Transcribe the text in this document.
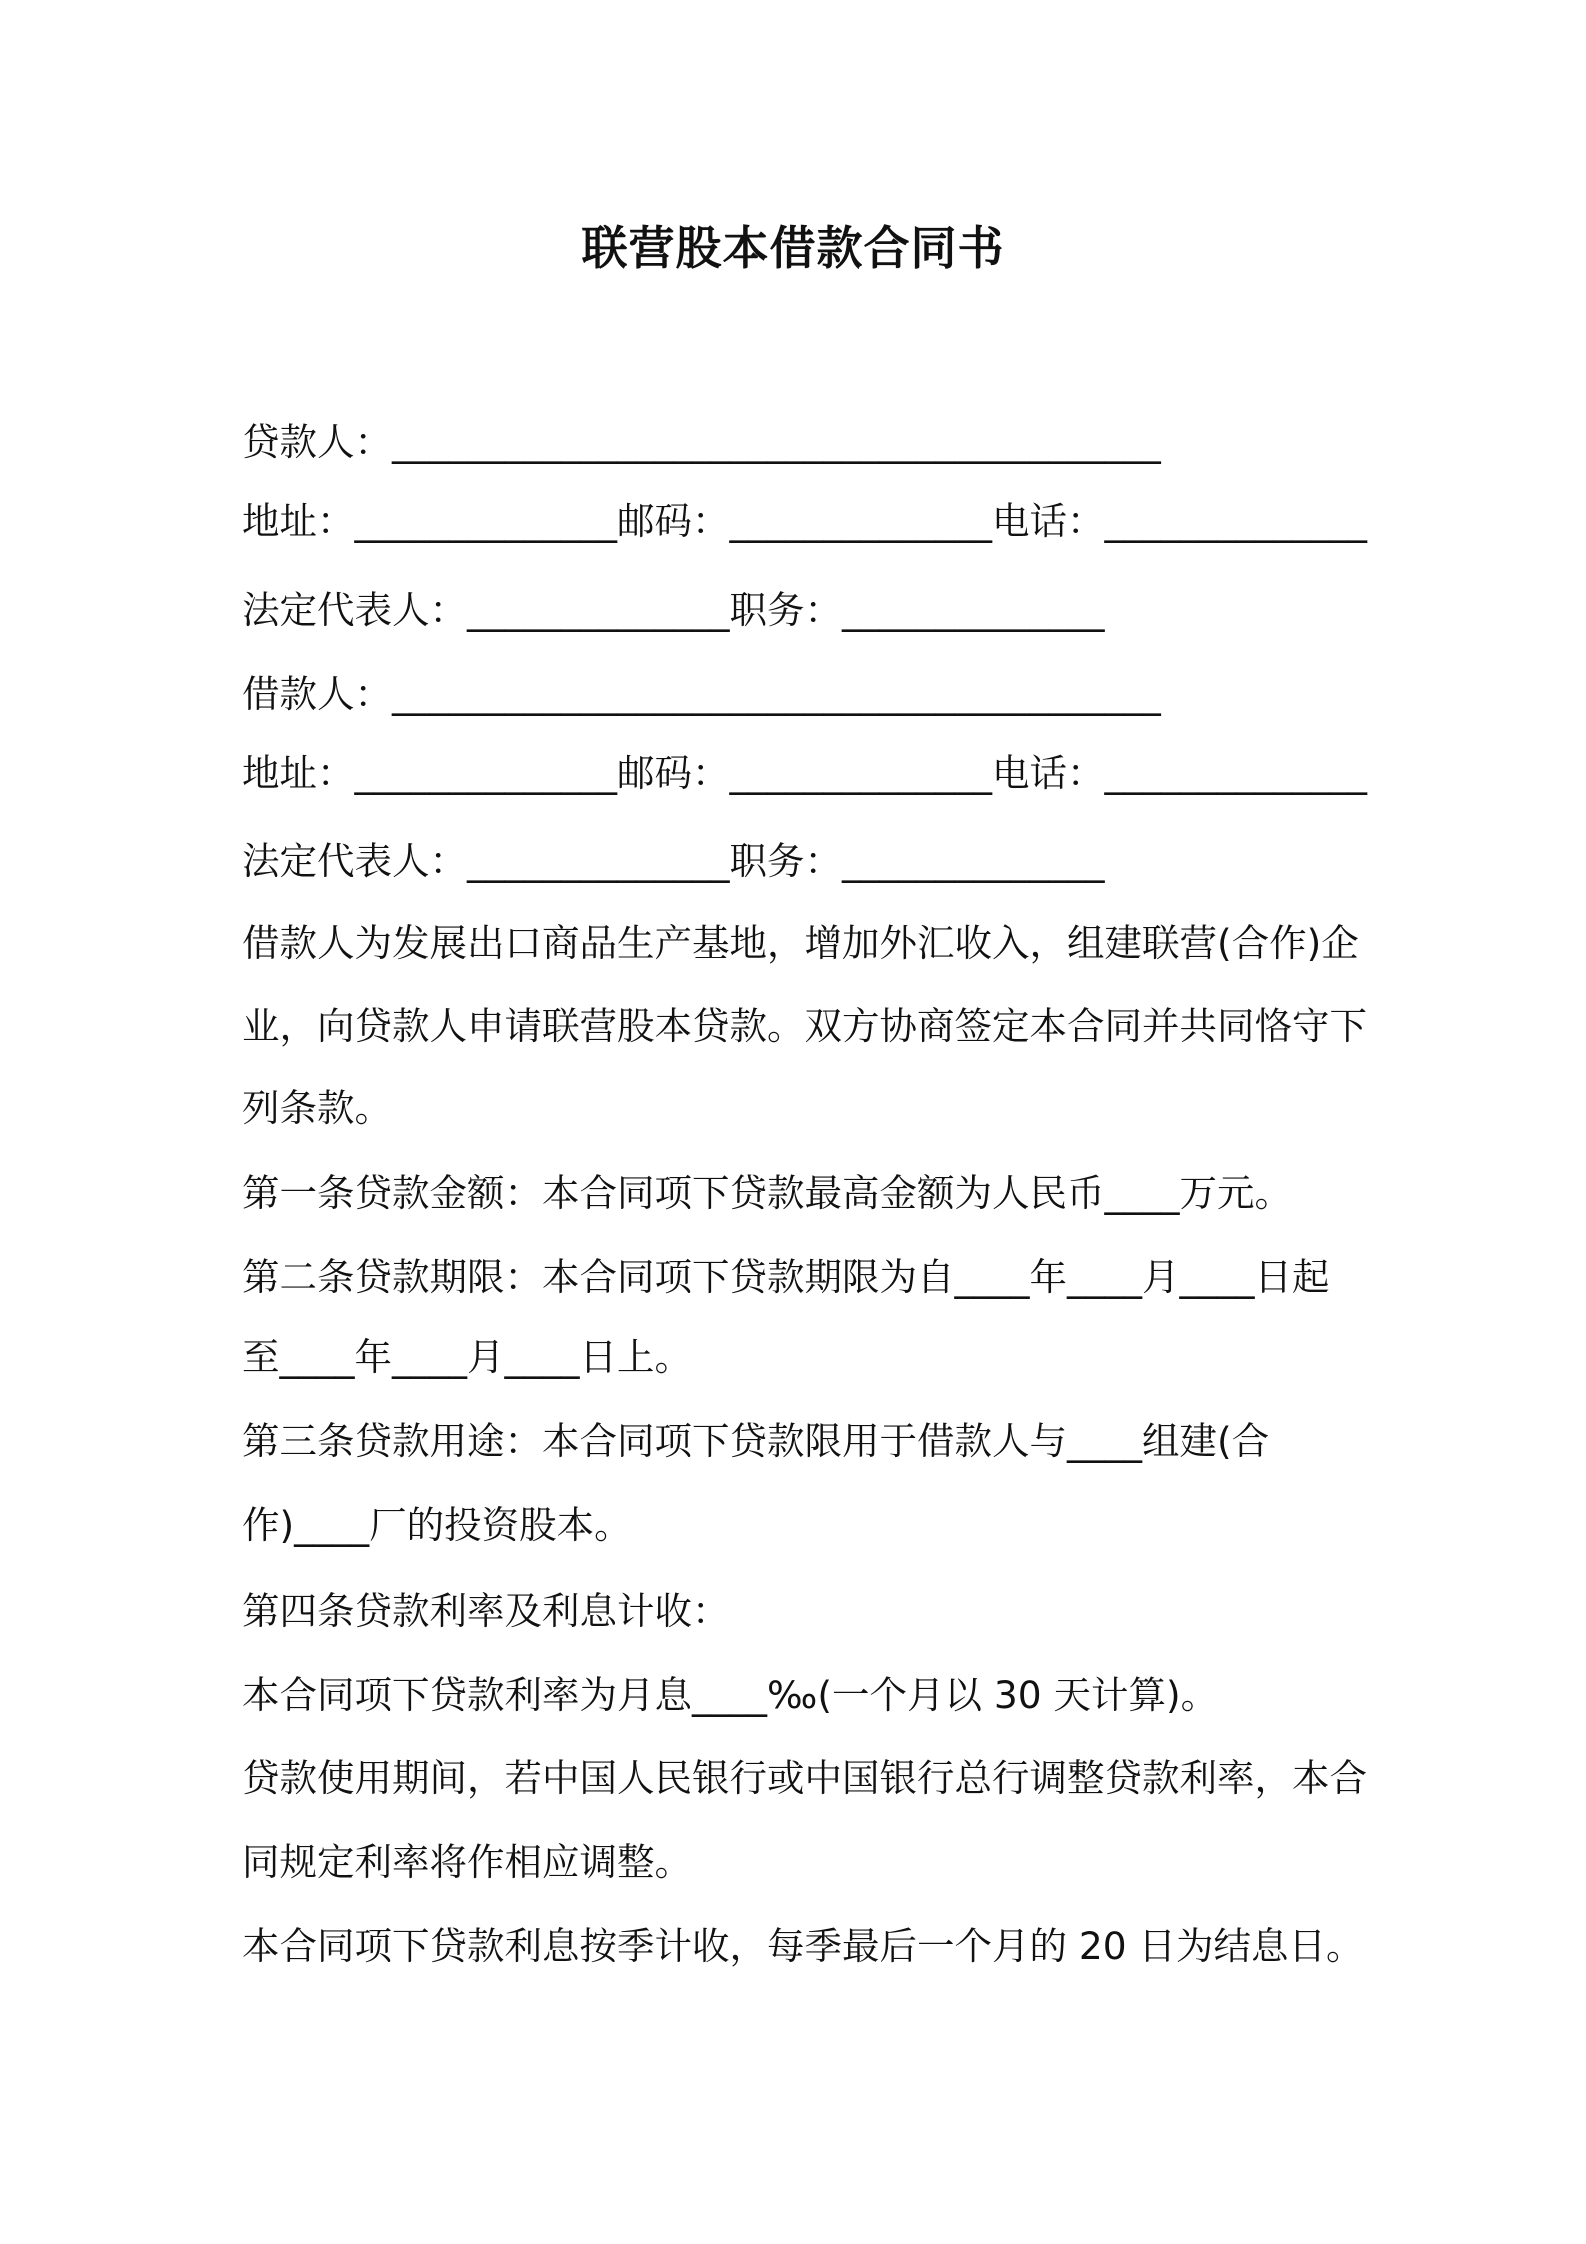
联营股本借款合同书
贷款人：_________________________________________
地址：______________邮码：______________电话：______________
法定代表人：______________职务：______________
借款人：_________________________________________
地址：______________邮码：______________电话：______________
法定代表人：______________职务：______________
借款人为发展出口商品生产基地，增加外汇收入，组建联营(合作)企
业，向贷款人申请联营股本贷款。双方协商签定本合同并共同恪守下
列条款。
第一条贷款金额：本合同项下贷款最高金额为人民币____万元。
第二条贷款期限：本合同项下贷款期限为自____年____月____日起
至____年____月____日上。
第三条贷款用途：本合同项下贷款限用于借款人与____组建(合
作)____厂的投资股本。
第四条贷款利率及利息计收：
本合同项下贷款利率为月息____‰(一个月以 30 天计算)。
贷款使用期间，若中国人民银行或中国银行总行调整贷款利率，本合
同规定利率将作相应调整。
本合同项下贷款利息按季计收，每季最后一个月的 20 日为结息日。
